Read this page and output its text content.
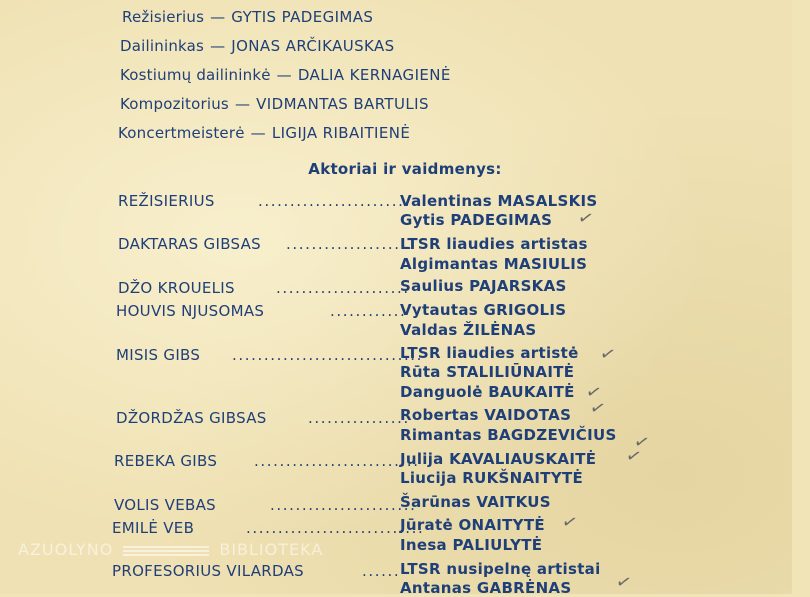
Režisierius — GYTIS PADEGIMAS
Dailininkas — JONAS ARČIKAUSKAS
Kostiumų dailininkė — DALIA KERNAGIENĖ
Kompozitorius — VIDMANTAS BARTULIS
Koncertmeisterė — LIGIJA RIBAITIENĖ
Aktoriai ir vaidmenys:
REŽISIERIUS	........................
Valentinas MASALSKIS
Gytis PADEGIMAS ✓
DAKTARAS GIBSAS ....................
LTSR liaudies artistas
Algimantas MASIULIS
DŽO KROUELIS	.....................
Saulius PAJARSKAS
HOUVIS NJUSOMAS	............
Vytautas GRIGOLIS
Valdas ŽILĖNAS
MISIS GIBS ..............................
LTSR liaudies artistė
Rūta STALILIŪNAITĖ
Danguolė BAUKAITĖ
✓
✓
DŽORDŽAS GIBSAS	................
Robertas VAIDOTAS
Rimantas BAGDZEVIČIUS
✓
✓
REBEKA GIBS ..........................
Julija KAVALIAUSKAITĖ
Liucija RUKŠNAITYTĖ
✓
VOLIS VEBAS	.......................
Šarūnas VAITKUS
EMILĖ VEB	............................
Jūratė ONAITYTĖ
Inesa PALIULYTĖ
✓
PROFESORIUS VILARDAS	...... LTSR nusipelnę artistai
Antanas GABRĖNAS ✓
AZUOLYNO	BIBLIOTEKA
